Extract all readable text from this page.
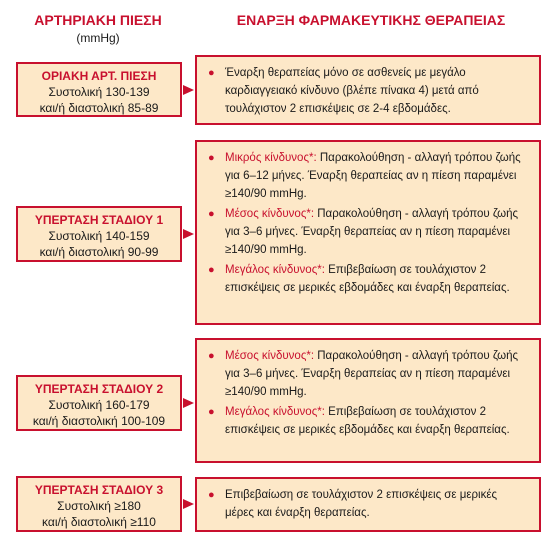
ΑΡΤΗΡΙΑΚΗ ΠΙΕΣΗ
(mmHg)
ΕΝΑΡΞΗ ΦΑΡΜΑΚΕΥΤΙΚΗΣ ΘΕΡΑΠΕΙΑΣ
ΟΡΙΑΚΗ ΑΡΤ. ΠΙΕΣΗ
Συστολική 130-139
και/ή διαστολική 85-89
● Έναρξη θεραπείας μόνο σε ασθενείς με μεγάλο καρδιαγγειακό κίνδυνο (βλέπε πίνακα 4) μετά από τουλάχιστον 2 επισκέψεις σε 2-4 εβδομάδες.
ΥΠΕΡΤΑΣΗ ΣΤΑΔΙΟΥ 1
Συστολική 140-159
και/ή διαστολική 90-99
● Μικρός κίνδυνος*: Παρακολούθηση - αλλαγή τρόπου ζωής για 6–12 μήνες. Έναρξη θεραπείας αν η πίεση παραμένει ≥140/90 mmHg.
● Μέσος κίνδυνος*: Παρακολούθηση - αλλαγή τρόπου ζωής για 3–6 μήνες. Έναρξη θεραπείας αν η πίεση παραμένει ≥140/90 mmHg.
● Μεγάλος κίνδυνος*: Επιβεβαίωση σε τουλάχιστον 2 επισκέψεις σε μερικές εβδομάδες και έναρξη θεραπείας.
ΥΠΕΡΤΑΣΗ ΣΤΑΔΙΟΥ 2
Συστολική 160-179
και/ή διαστολική 100-109
● Μέσος κίνδυνος*: Παρακολούθηση - αλλαγή τρόπου ζωής για 3–6 μήνες. Έναρξη θεραπείας αν η πίεση παραμένει ≥140/90 mmHg.
● Μεγάλος κίνδυνος*: Επιβεβαίωση σε τουλάχιστον 2 επισκέψεις σε μερικές εβδομάδες και έναρξη θεραπείας.
ΥΠΕΡΤΑΣΗ ΣΤΑΔΙΟΥ 3
Συστολική ≥180
και/ή διαστολική ≥110
● Επιβεβαίωση σε τουλάχιστον 2 επισκέψεις σε μερικές μέρες και έναρξη θεραπείας.
